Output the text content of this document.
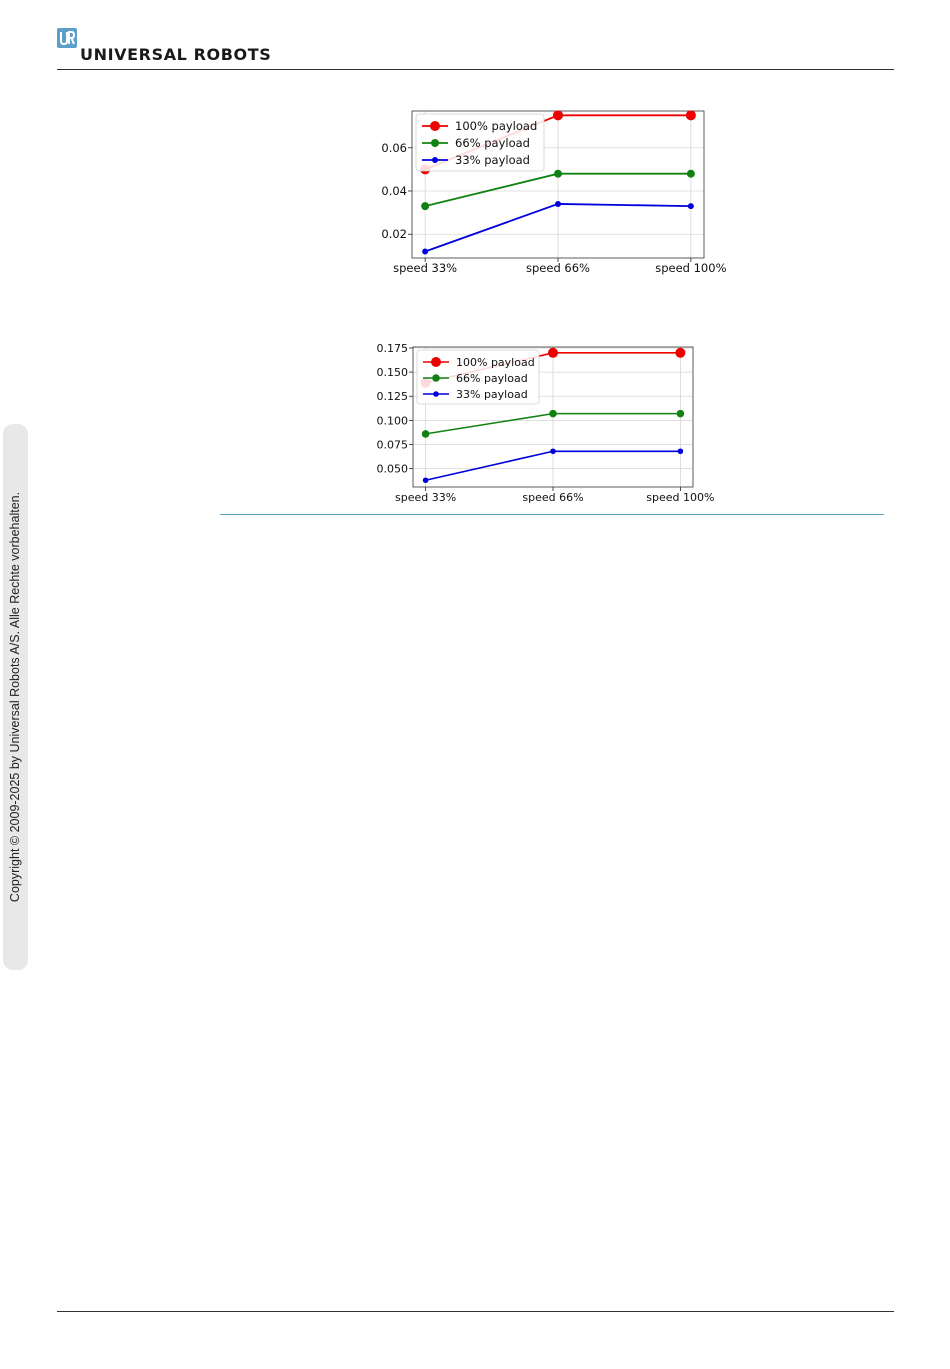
UNIVERSAL ROBOTS
0.02
0.04
0.06
speed 33%	speed 66%	speed 100%
100% payload
66% payload
33% payload
0.050
0.075
0.100
0.125
0.150
0.175
speed 33%	speed 66%	speed 100%
100% payload
66% payload
33% payload
Copyright © 2009-2025 by Universal Robots A/S. Alle Rechte vorbehalten.
